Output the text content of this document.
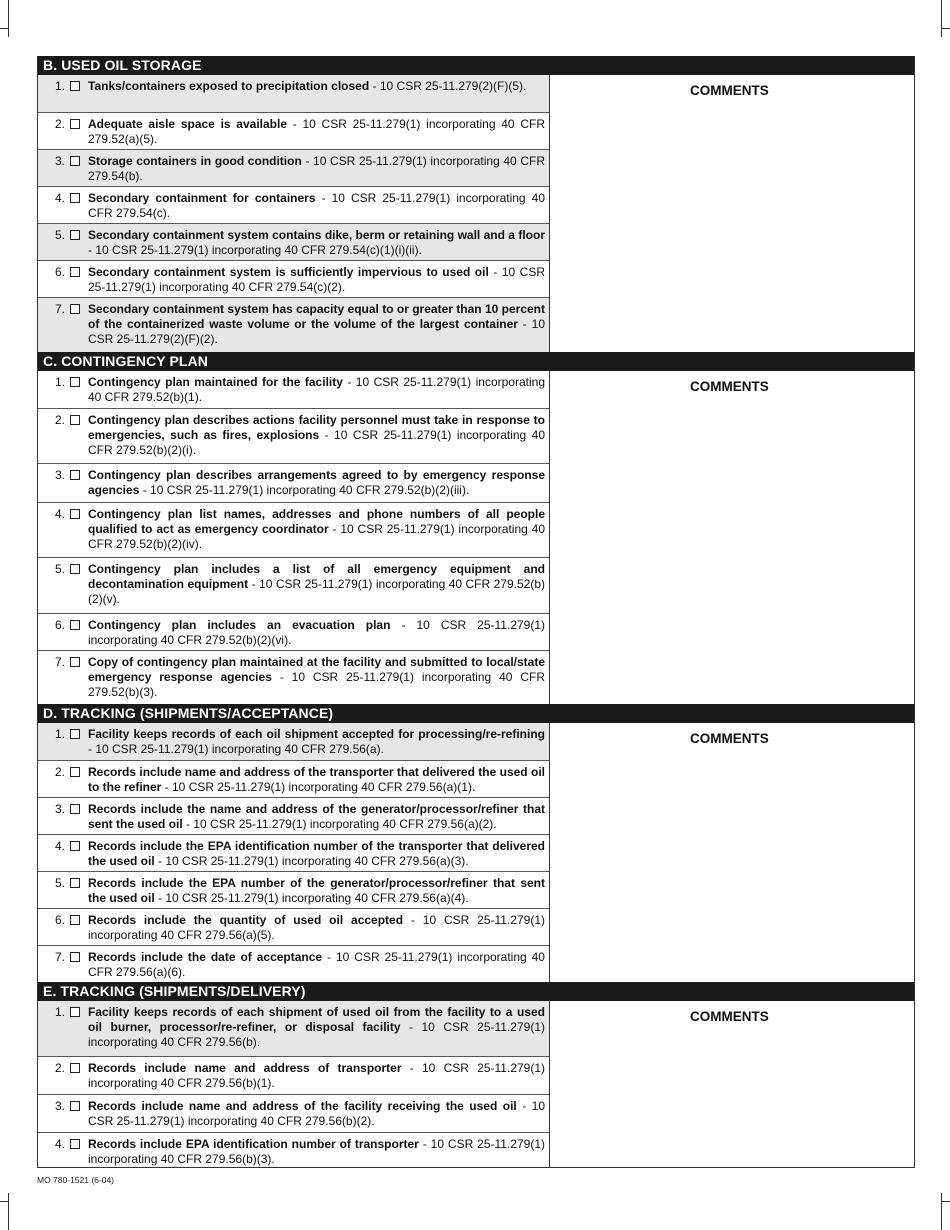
B. USED OIL STORAGE
1. Tanks/containers exposed to precipitation closed - 10 CSR 25-11.279(2)(F)(5).
2. Adequate aisle space is available - 10 CSR 25-11.279(1) incorporating 40 CFR 279.52(a)(5).
3. Storage containers in good condition - 10 CSR 25-11.279(1) incorporating 40 CFR 279.54(b).
4. Secondary containment for containers - 10 CSR 25-11.279(1) incorporating 40 CFR 279.54(c).
5. Secondary containment system contains dike, berm or retaining wall and a floor - 10 CSR 25-11.279(1) incorporating 40 CFR 279.54(c)(1)(i)(ii).
6. Secondary containment system is sufficiently impervious to used oil - 10 CSR 25-11.279(1) incorporating 40 CFR 279.54(c)(2).
7. Secondary containment system has capacity equal to or greater than 10 percent of the containerized waste volume or the volume of the largest container - 10 CSR 25-11.279(2)(F)(2).
COMMENTS
C. CONTINGENCY PLAN
1. Contingency plan maintained for the facility - 10 CSR 25-11.279(1) incorporating 40 CFR 279.52(b)(1).
2. Contingency plan describes actions facility personnel must take in response to emergencies, such as fires, explosions - 10 CSR 25-11.279(1) incorporating 40 CFR 279.52(b)(2)(i).
3. Contingency plan describes arrangements agreed to by emergency response agencies - 10 CSR 25-11.279(1) incorporating 40 CFR 279.52(b)(2)(iii).
4. Contingency plan list names, addresses and phone numbers of all people qualified to act as emergency coordinator - 10 CSR 25-11.279(1) incorporating 40 CFR 279.52(b)(2)(iv).
5. Contingency plan includes a list of all emergency equipment and decontamination equipment - 10 CSR 25-11.279(1) incorporating 40 CFR 279.52(b)(2)(v).
6. Contingency plan includes an evacuation plan - 10 CSR 25-11.279(1) incorporating 40 CFR 279.52(b)(2)(vi).
7. Copy of contingency plan maintained at the facility and submitted to local/state emergency response agencies - 10 CSR 25-11.279(1) incorporating 40 CFR 279.52(b)(3).
COMMENTS
D. TRACKING (SHIPMENTS/ACCEPTANCE)
1. Facility keeps records of each oil shipment accepted for processing/re-refining - 10 CSR 25-11.279(1) incorporating 40 CFR 279.56(a).
2. Records include name and address of the transporter that delivered the used oil to the refiner - 10 CSR 25-11.279(1) incorporating 40 CFR 279.56(a)(1).
3. Records include the name and address of the generator/processor/refiner that sent the used oil - 10 CSR 25-11.279(1) incorporating 40 CFR 279.56(a)(2).
4. Records include the EPA identification number of the transporter that delivered the used oil - 10 CSR 25-11.279(1) incorporating 40 CFR 279.56(a)(3).
5. Records include the EPA number of the generator/processor/refiner that sent the used oil - 10 CSR 25-11.279(1) incorporating 40 CFR 279.56(a)(4).
6. Records include the quantity of used oil accepted - 10 CSR 25-11.279(1) incorporating 40 CFR 279.56(a)(5).
7. Records include the date of acceptance - 10 CSR 25-11.279(1) incorporating 40 CFR 279.56(a)(6).
COMMENTS
E. TRACKING (SHIPMENTS/DELIVERY)
1. Facility keeps records of each shipment of used oil from the facility to a used oil burner, processor/re-refiner, or disposal facility - 10 CSR 25-11.279(1) incorporating 40 CFR 279.56(b).
2. Records include name and address of transporter - 10 CSR 25-11.279(1) incorporating 40 CFR 279.56(b)(1).
3. Records include name and address of the facility receiving the used oil - 10 CSR 25-11.279(1) incorporating 40 CFR 279.56(b)(2).
4. Records include EPA identification number of transporter - 10 CSR 25-11.279(1) incorporating 40 CFR 279.56(b)(3).
COMMENTS
MO 780-1521 (6-04)
